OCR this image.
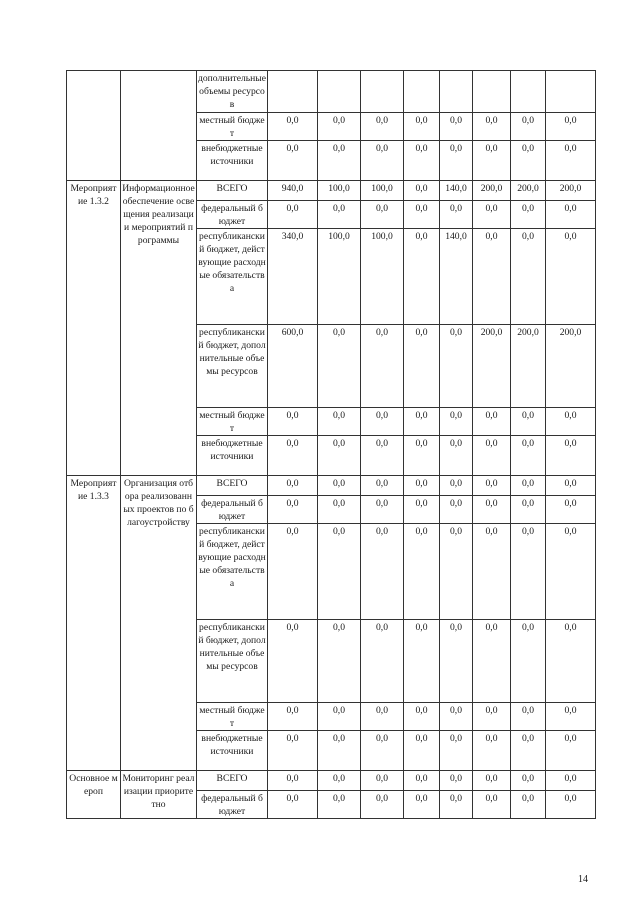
		дополнительные объемы ресурсов								
		местный бюджет	0,0	0,0	0,0	0,0	0,0	0,0	0,0	0,0
		внебюджетные источники	0,0	0,0	0,0	0,0	0,0	0,0	0,0	0,0
Мероприятие 1.3.2	Информационное обеспечение освещения реализации мероприятий программы	ВСЕГО	940,0	100,0	100,0	0,0	140,0	200,0	200,0	200,0
		федеральный бюджет	0,0	0,0	0,0	0,0	0,0	0,0	0,0	0,0
		республиканский бюджет, действующие расходные обязательства	340,0	100,0	100,0	0,0	140,0	0,0	0,0	0,0
		республиканский бюджет, дополнительные объемы ресурсов	600,0	0,0	0,0	0,0	0,0	200,0	200,0	200,0
		местный бюджет	0,0	0,0	0,0	0,0	0,0	0,0	0,0	0,0
		внебюджетные источники	0,0	0,0	0,0	0,0	0,0	0,0	0,0	0,0
Мероприятие 1.3.3	Организация отбора реализованных проектов по благоустройству	ВСЕГО	0,0	0,0	0,0	0,0	0,0	0,0	0,0	0,0
		федеральный бюджет	0,0	0,0	0,0	0,0	0,0	0,0	0,0	0,0
		республиканский бюджет, действующие расходные обязательства	0,0	0,0	0,0	0,0	0,0	0,0	0,0	0,0
		республиканский бюджет, дополнительные объемы ресурсов	0,0	0,0	0,0	0,0	0,0	0,0	0,0	0,0
		местный бюджет	0,0	0,0	0,0	0,0	0,0	0,0	0,0	0,0
		внебюджетные источники	0,0	0,0	0,0	0,0	0,0	0,0	0,0	0,0
Основное мероп	Мониторинг реализации приоритетно	ВСЕГО	0,0	0,0	0,0	0,0	0,0	0,0	0,0	0,0
		федеральный бюджет	0,0	0,0	0,0	0,0	0,0	0,0	0,0	0,0
14
